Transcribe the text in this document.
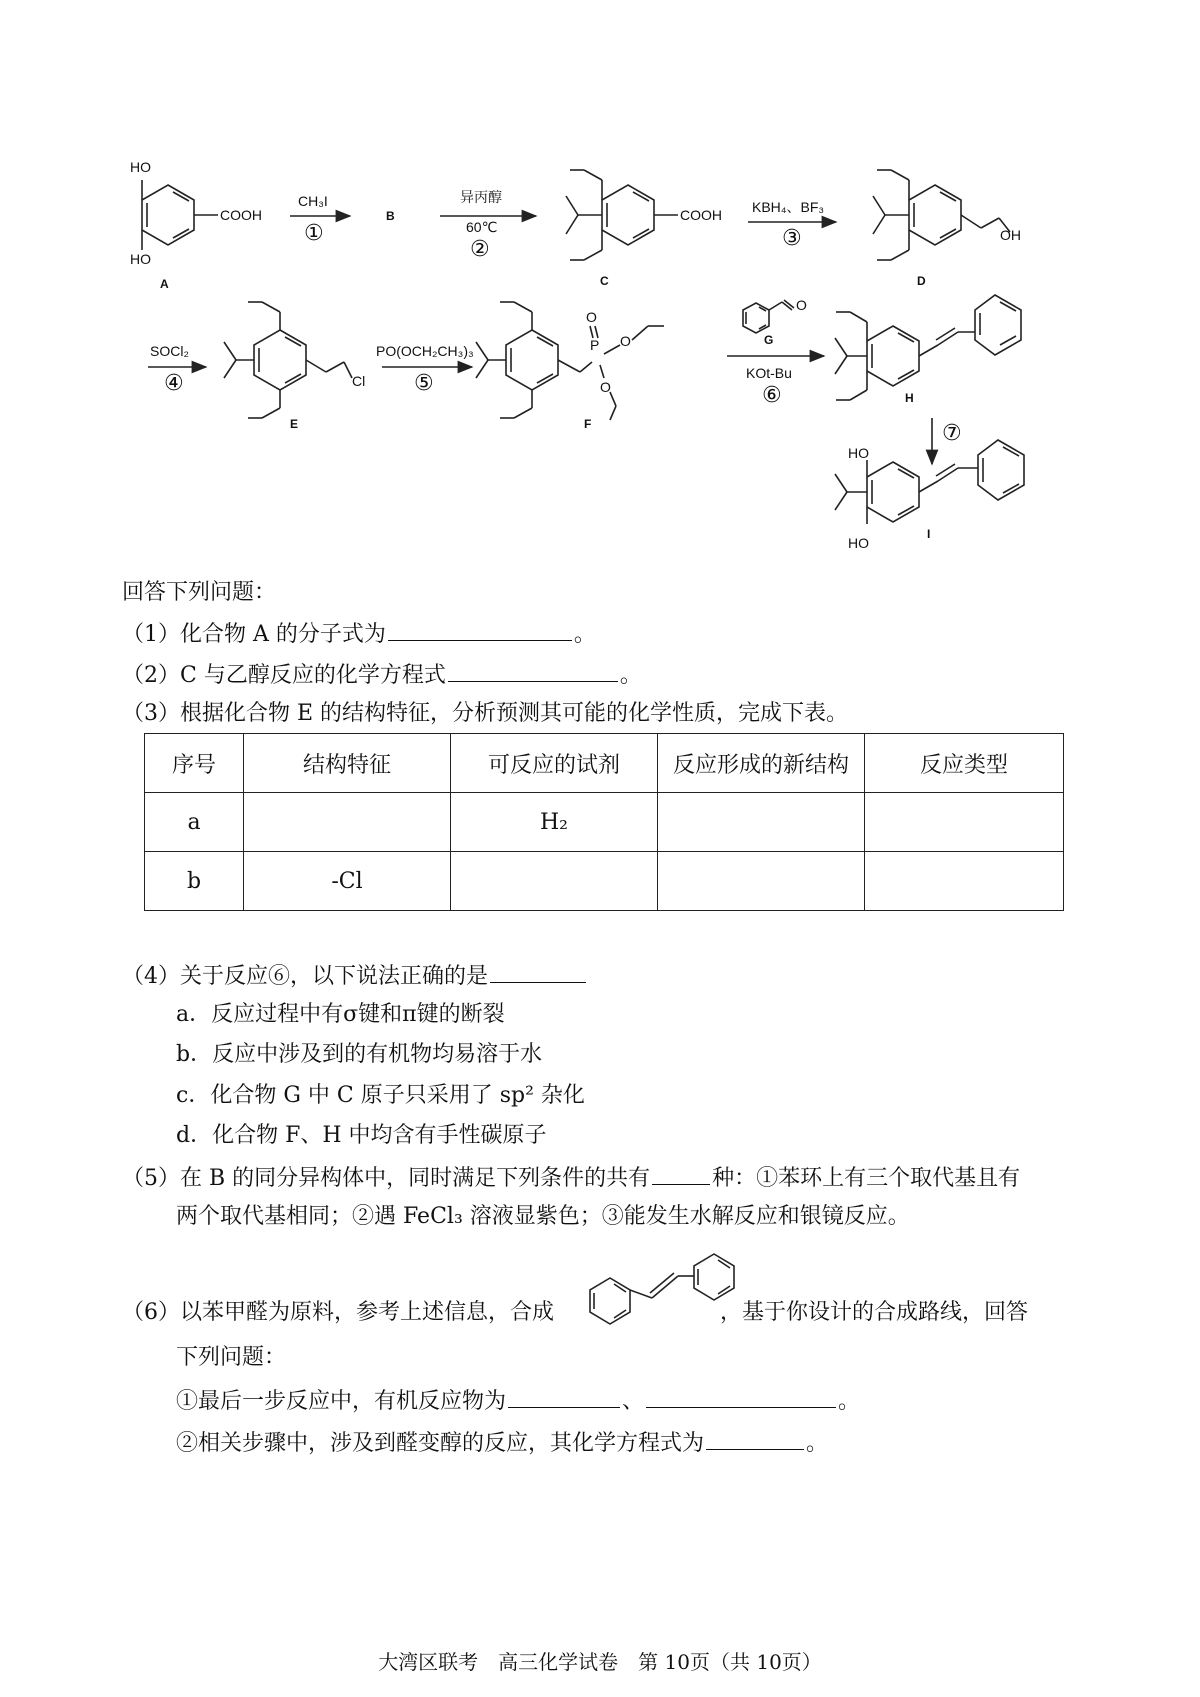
HO
HO
COOH
A
CH₃I
①
B
异丙醇
60℃
②
COOH
C
KBH₄、BF₃
③	OH
D
SOCl₂
④	Cl
E
PO(OCH₂CH₃)₃
⑤
P
O
O
O
F
O
G
KOt-Bu
⑥	H
⑦
HO
HO
I
回答下列问题：
（1）化合物 A 的分子式为	。
（2）C 与乙醇反应的化学方程式	。
（3）根据化合物 E 的结构特征，分析预测其可能的化学性质，完成下表。
序号	结构特征	可反应的试剂	反应形成的新结构	反应类型
a		H₂		
b	-Cl			
（4）关于反应⑥，以下说法正确的是
a．反应过程中有σ键和π键的断裂
b．反应中涉及到的有机物均易溶于水
c．化合物 G 中 C 原子只采用了 sp² 杂化
d．化合物 F、H 中均含有手性碳原子
（5）在 B 的同分异构体中，同时满足下列条件的共有	种：①苯环上有三个取代基且有
两个取代基相同；②遇 FeCl₃ 溶液显紫色；③能发生水解反应和银镜反应。
（6）以苯甲醛为原料，参考上述信息，合成	，基于你设计的合成路线，回答
下列问题：
①最后一步反应中，有机反应物为	、	。
②相关步骤中，涉及到醛变醇的反应，其化学方程式为	。
大湾区联考　高三化学试卷　第 10页（共 10页）
